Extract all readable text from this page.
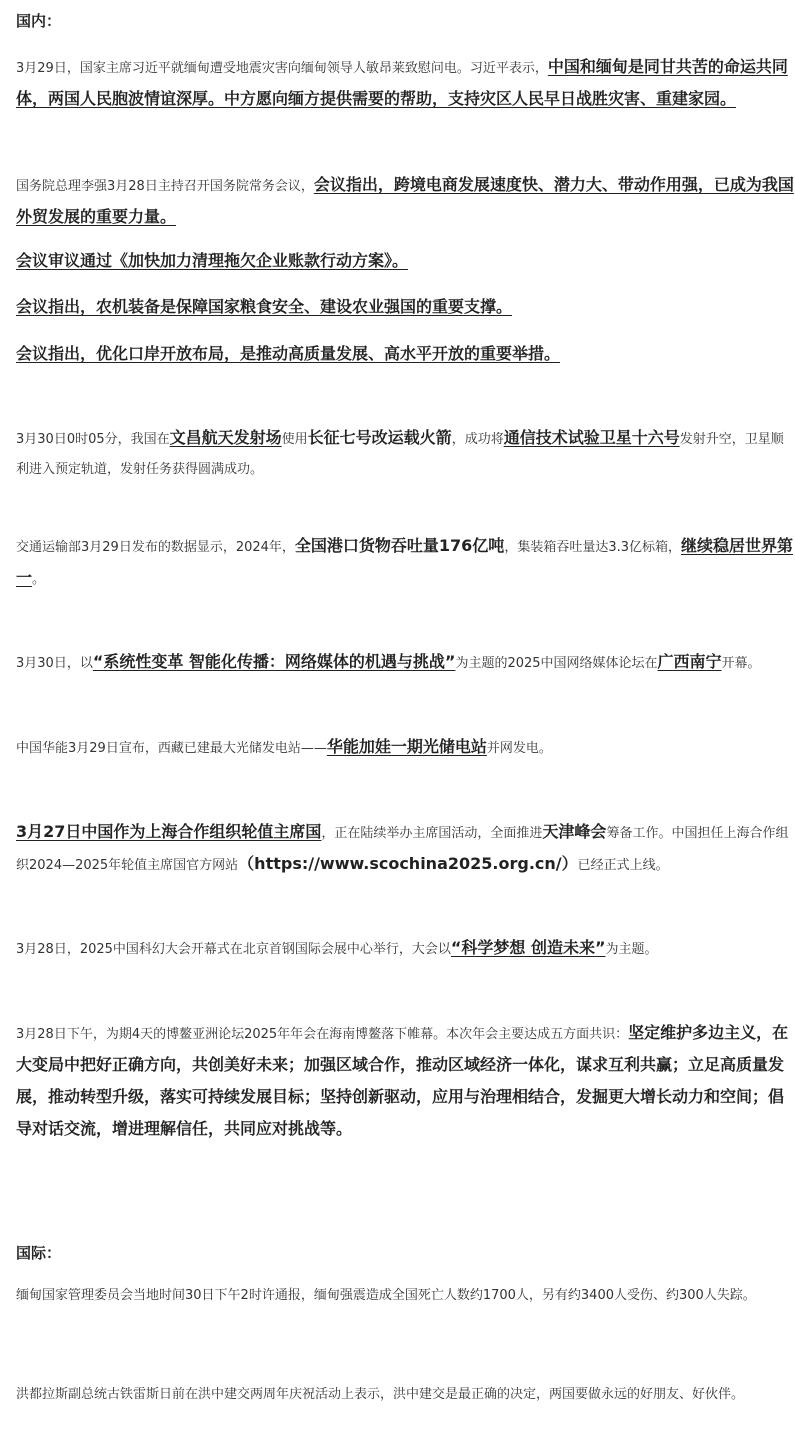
国内：

3月29日，国家主席习近平就缅甸遭受地震灾害向缅甸领导人敏昂莱致慰问电。习近平表示，中国和缅甸是同甘共苦的命运共同体，两国人民胞波情谊深厚。中方愿向缅方提供需要的帮助，支持灾区人民早日战胜灾害、重建家园。

国务院总理李强3月28日主持召开国务院常务会议，会议指出，跨境电商发展速度快、潜力大、带动作用强，已成为我国外贸发展的重要力量。

会议审议通过《加快加力清理拖欠企业账款行动方案》。

会议指出，农机装备是保障国家粮食安全、建设农业强国的重要支撑。

会议指出，优化口岸开放布局，是推动高质量发展、高水平开放的重要举措。

3月30日0时05分，我国在文昌航天发射场使用长征七号改运载火箭，成功将通信技术试验卫星十六号发射升空，卫星顺利进入预定轨道，发射任务获得圆满成功。

交通运输部3月29日发布的数据显示，2024年，全国港口货物吞吐量176亿吨，集装箱吞吐量达3.3亿标箱，继续稳居世界第一。

3月30日，以“系统性变革 智能化传播：网络媒体的机遇与挑战”为主题的2025中国网络媒体论坛在广西南宁开幕。

中国华能3月29日宣布，西藏已建最大光储发电站——华能加娃一期光储电站并网发电。

3月27日中国作为上海合作组织轮值主席国，正在陆续举办主席国活动，全面推进天津峰会筹备工作。中国担任上海合作组织2024—2025年轮值主席国官方网站（https://www.scochina2025.org.cn/）已经正式上线。

3月28日，2025中国科幻大会开幕式在北京首钢国际会展中心举行，大会以“科学梦想 创造未来”为主题。

3月28日下午，为期4天的博鳌亚洲论坛2025年年会在海南博鳌落下帷幕。本次年会主要达成五方面共识：坚定维护多边主义，在大变局中把好正确方向，共创美好未来；加强区域合作，推动区域经济一体化，谋求互利共赢；立足高质量发展，推动转型升级，落实可持续发展目标；坚持创新驱动，应用与治理相结合，发掘更大增长动力和空间；倡导对话交流，增进理解信任，共同应对挑战等。

国际：

缅甸国家管理委员会当地时间30日下午2时许通报，缅甸强震造成全国死亡人数约1700人，另有约3400人受伤、约300人失踪。

洪都拉斯副总统古铁雷斯日前在洪中建交两周年庆祝活动上表示，洪中建交是最正确的决定，两国要做永远的好朋友、好伙伴。
